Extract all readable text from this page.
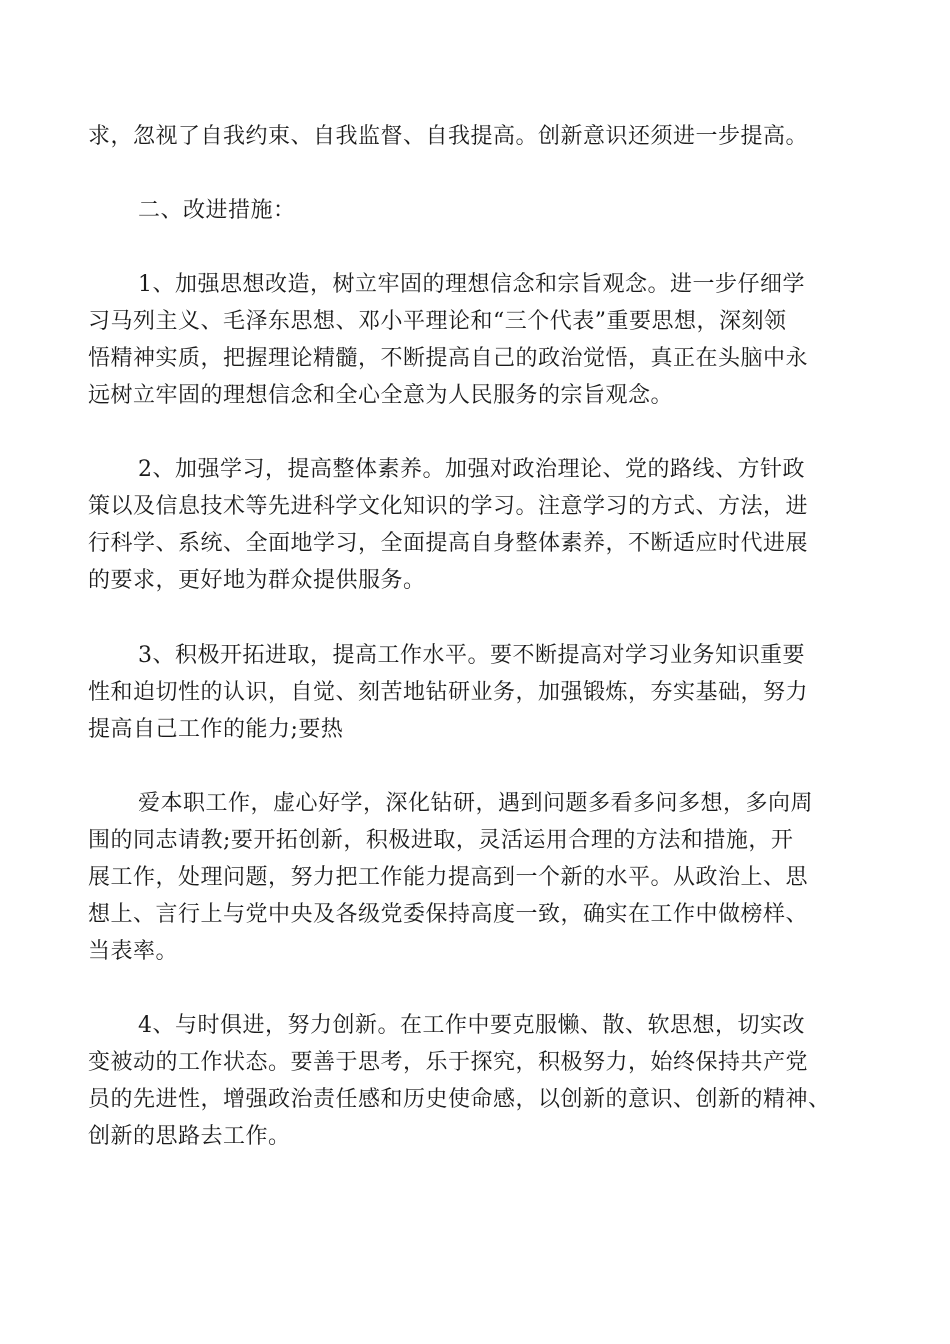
求，忽视了自我约束、自我监督、自我提高。创新意识还须进一步提高。
二、改进措施：
1、加强思想改造，树立牢固的理想信念和宗旨观念。进一步仔细学
习马列主义、毛泽东思想、邓小平理论和“三个代表”重要思想，深刻领
悟精神实质，把握理论精髓，不断提高自己的政治觉悟，真正在头脑中永
远树立牢固的理想信念和全心全意为人民服务的宗旨观念。
2、加强学习，提高整体素养。加强对政治理论、党的路线、方针政
策以及信息技术等先进科学文化知识的学习。注意学习的方式、方法，进
行科学、系统、全面地学习，全面提高自身整体素养，不断适应时代进展
的要求，更好地为群众提供服务。
3、积极开拓进取，提高工作水平。要不断提高对学习业务知识重要
性和迫切性的认识，自觉、刻苦地钻研业务，加强锻炼，夯实基础，努力
提高自己工作的能力;要热
爱本职工作，虚心好学，深化钻研，遇到问题多看多问多想，多向周
围的同志请教;要开拓创新，积极进取，灵活运用合理的方法和措施，开
展工作，处理问题，努力把工作能力提高到一个新的水平。从政治上、思
想上、言行上与党中央及各级党委保持高度一致，确实在工作中做榜样、
当表率。
4、与时俱进，努力创新。在工作中要克服懒、散、软思想，切实改
变被动的工作状态。要善于思考，乐于探究，积极努力，始终保持共产党
员的先进性，增强政治责任感和历史使命感，以创新的意识、创新的精神、
创新的思路去工作。
